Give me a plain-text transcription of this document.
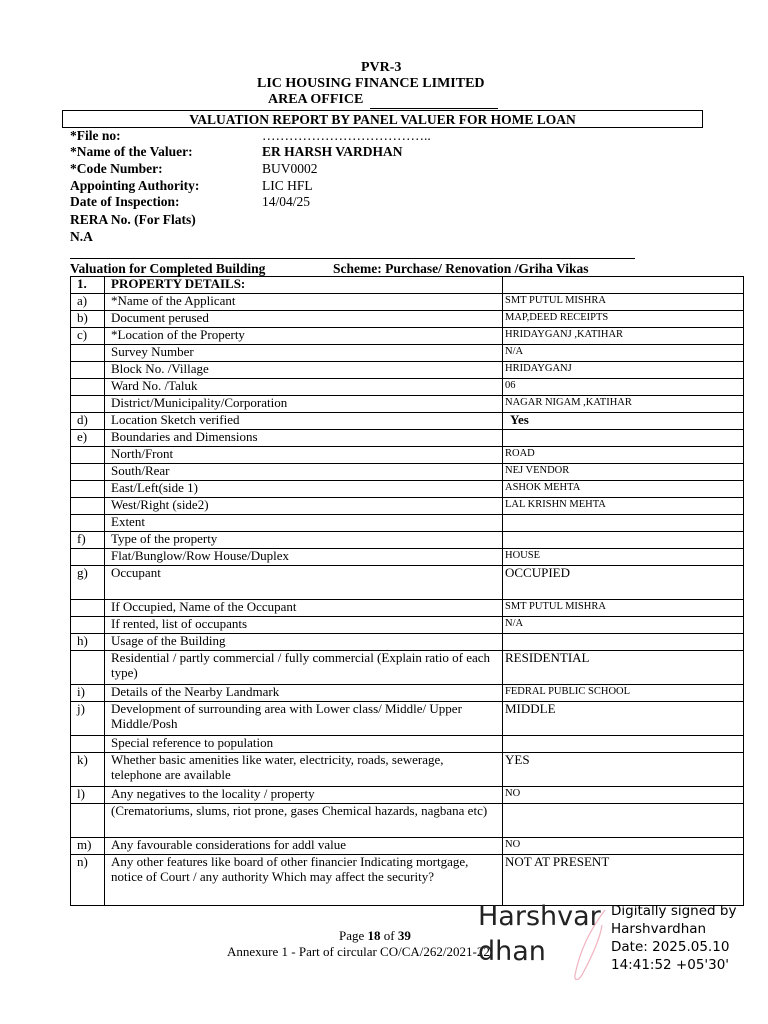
PVR-3
LIC HOUSING FINANCE LIMITED
AREA OFFICE
VALUATION REPORT BY PANEL VALUER FOR HOME LOAN
*File no:	………………………………..
*Name of the Valuer:	ER HARSH VARDHAN
*Code Number:	BUV0002
Appointing Authority:	LIC HFL
Date of Inspection:	14/04/25
RERA No. (For Flats)
N.A
Valuation for Completed Building	Scheme: Purchase/ Renovation /Griha Vikas
1.	PROPERTY DETAILS:	
a)	*Name of the Applicant	SMT PUTUL MISHRA
b)	Document perused	MAP,DEED RECEIPTS
c)	*Location of the Property	HRIDAYGANJ ,KATIHAR
	Survey Number	N/A
	Block No. /Village	HRIDAYGANJ
	Ward No. /Taluk	06
	District/Municipality/Corporation	NAGAR NIGAM ,KATIHAR
d)	Location Sketch verified	Yes
e)	Boundaries and Dimensions	
	North/Front	ROAD
	South/Rear	NEJ VENDOR
	East/Left(side 1)	ASHOK MEHTA
	West/Right (side2)	LAL KRISHN MEHTA
	Extent	
f)	Type of the property	
	Flat/Bunglow/Row House/Duplex	HOUSE
g)	Occupant	OCCUPIED
	If Occupied, Name of the Occupant	SMT PUTUL MISHRA
	If rented, list of occupants	N/A
h)	Usage of the Building	
	Residential / partly commercial / fully commercial (Explain ratio of each type)	RESIDENTIAL
i)	Details of the Nearby Landmark	FEDRAL PUBLIC SCHOOL
j)	Development of surrounding area with Lower class/ Middle/ Upper Middle/Posh	MIDDLE
	Special reference to population	
k)	Whether basic amenities like water, electricity, roads, sewerage, telephone are available	YES
l)	Any negatives to the locality / property	NO
	(Crematoriums, slums, riot prone, gases Chemical hazards, nagbana etc)	
m)	Any favourable considerations for addl value	NO
n)	Any other features like board of other financier Indicating mortgage, notice of Court / any authority Which may affect the security?	NOT AT PRESENT
Page 18 of 39
Annexure 1 - Part of circular CO/CA/262/2021-22
Harshvar
dhan
Digitally signed by
Harshvardhan
Date: 2025.05.10
14:41:52 +05'30'
